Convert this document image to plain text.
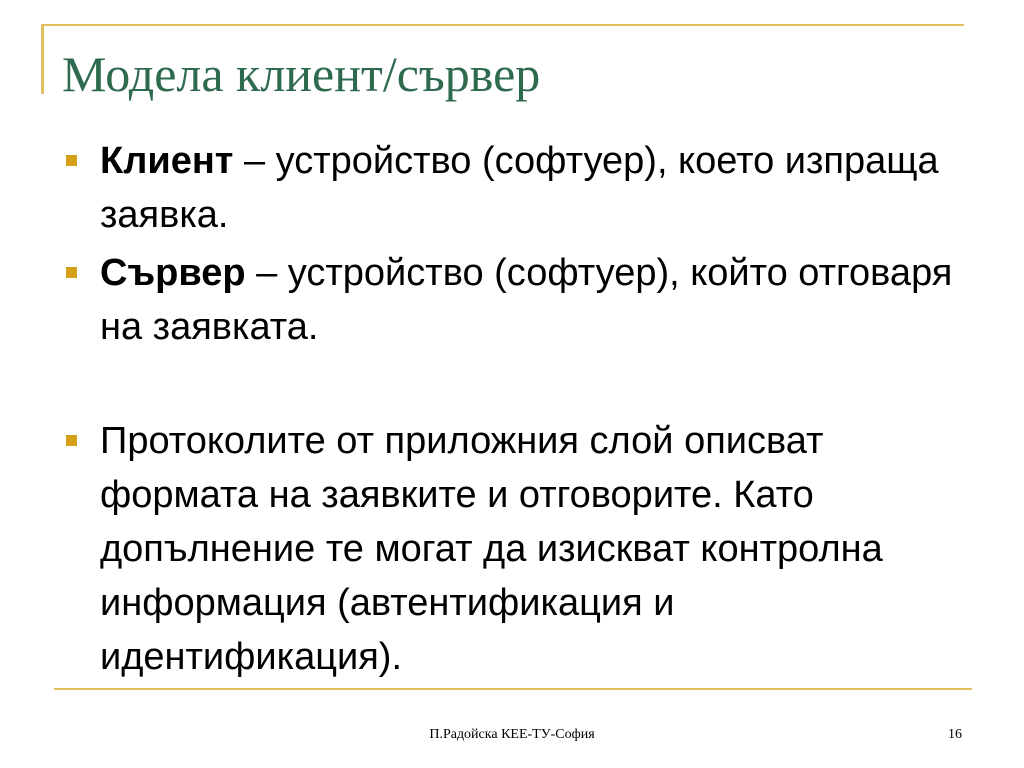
Модела клиент/сървер
Клиент – устройство (софтуер), което изпраща заявка.
Сървер – устройство (софтуер), който отговаря на заявката.
Протоколите от приложния слой описват формата на заявките и отговорите. Като допълнение те могат да изискват контролна информация (автентификация и идентификация).
П.Радойска КЕЕ-ТУ-София	16
